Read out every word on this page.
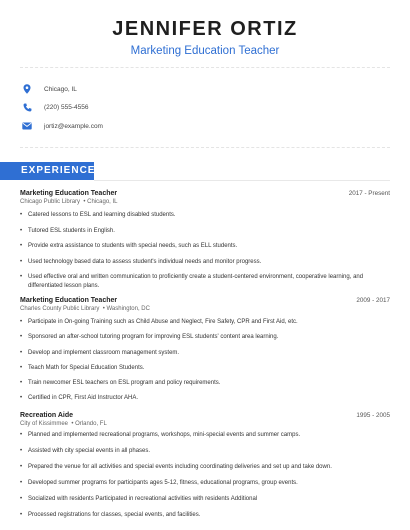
JENNIFER ORTIZ
Marketing Education Teacher
Chicago, IL
(220) 555-4556
jortiz@example.com
EXPERIENCE
Marketing Education Teacher	2017 - Present
Chicago Public Library  • Chicago, IL
• Catered lessons to ESL and learning disabled students.
• Tutored ESL students in English.
• Provide extra assistance to students with special needs, such as ELL students.
• Used technology based data to assess student's individual needs and monitor progress.
• Used effective oral and written communication to proficiently create a student-centered environment, cooperative learning, and differentiated lesson plans.
Marketing Education Teacher	2009 - 2017
Charles County Public Library  • Washington, DC
• Participate in On-going Training such as Child Abuse and Neglect, Fire Safety, CPR and First Aid, etc.
• Sponsored an after-school tutoring program for improving ESL students' content area learning.
• Develop and implement classroom management system.
• Teach Math for Special Education Students.
• Train newcomer ESL teachers on ESL program and policy requirements.
• Certified in CPR, First Aid Instructor AHA.
Recreation Aide	1995 - 2005
City of Kissimmee  • Orlando, FL
• Planned and implemented recreational programs, workshops, mini-special events and summer camps.
• Assisted with city special events in all phases.
• Prepared the venue for all activities and special events including coordinating deliveries and set up and take down.
• Developed summer programs for participants ages 5-12, fitness, educational programs, group events.
• Socialized with residents Participated in recreational activities with residents Additional
• Processed registrations for classes, special events, and facilities.
